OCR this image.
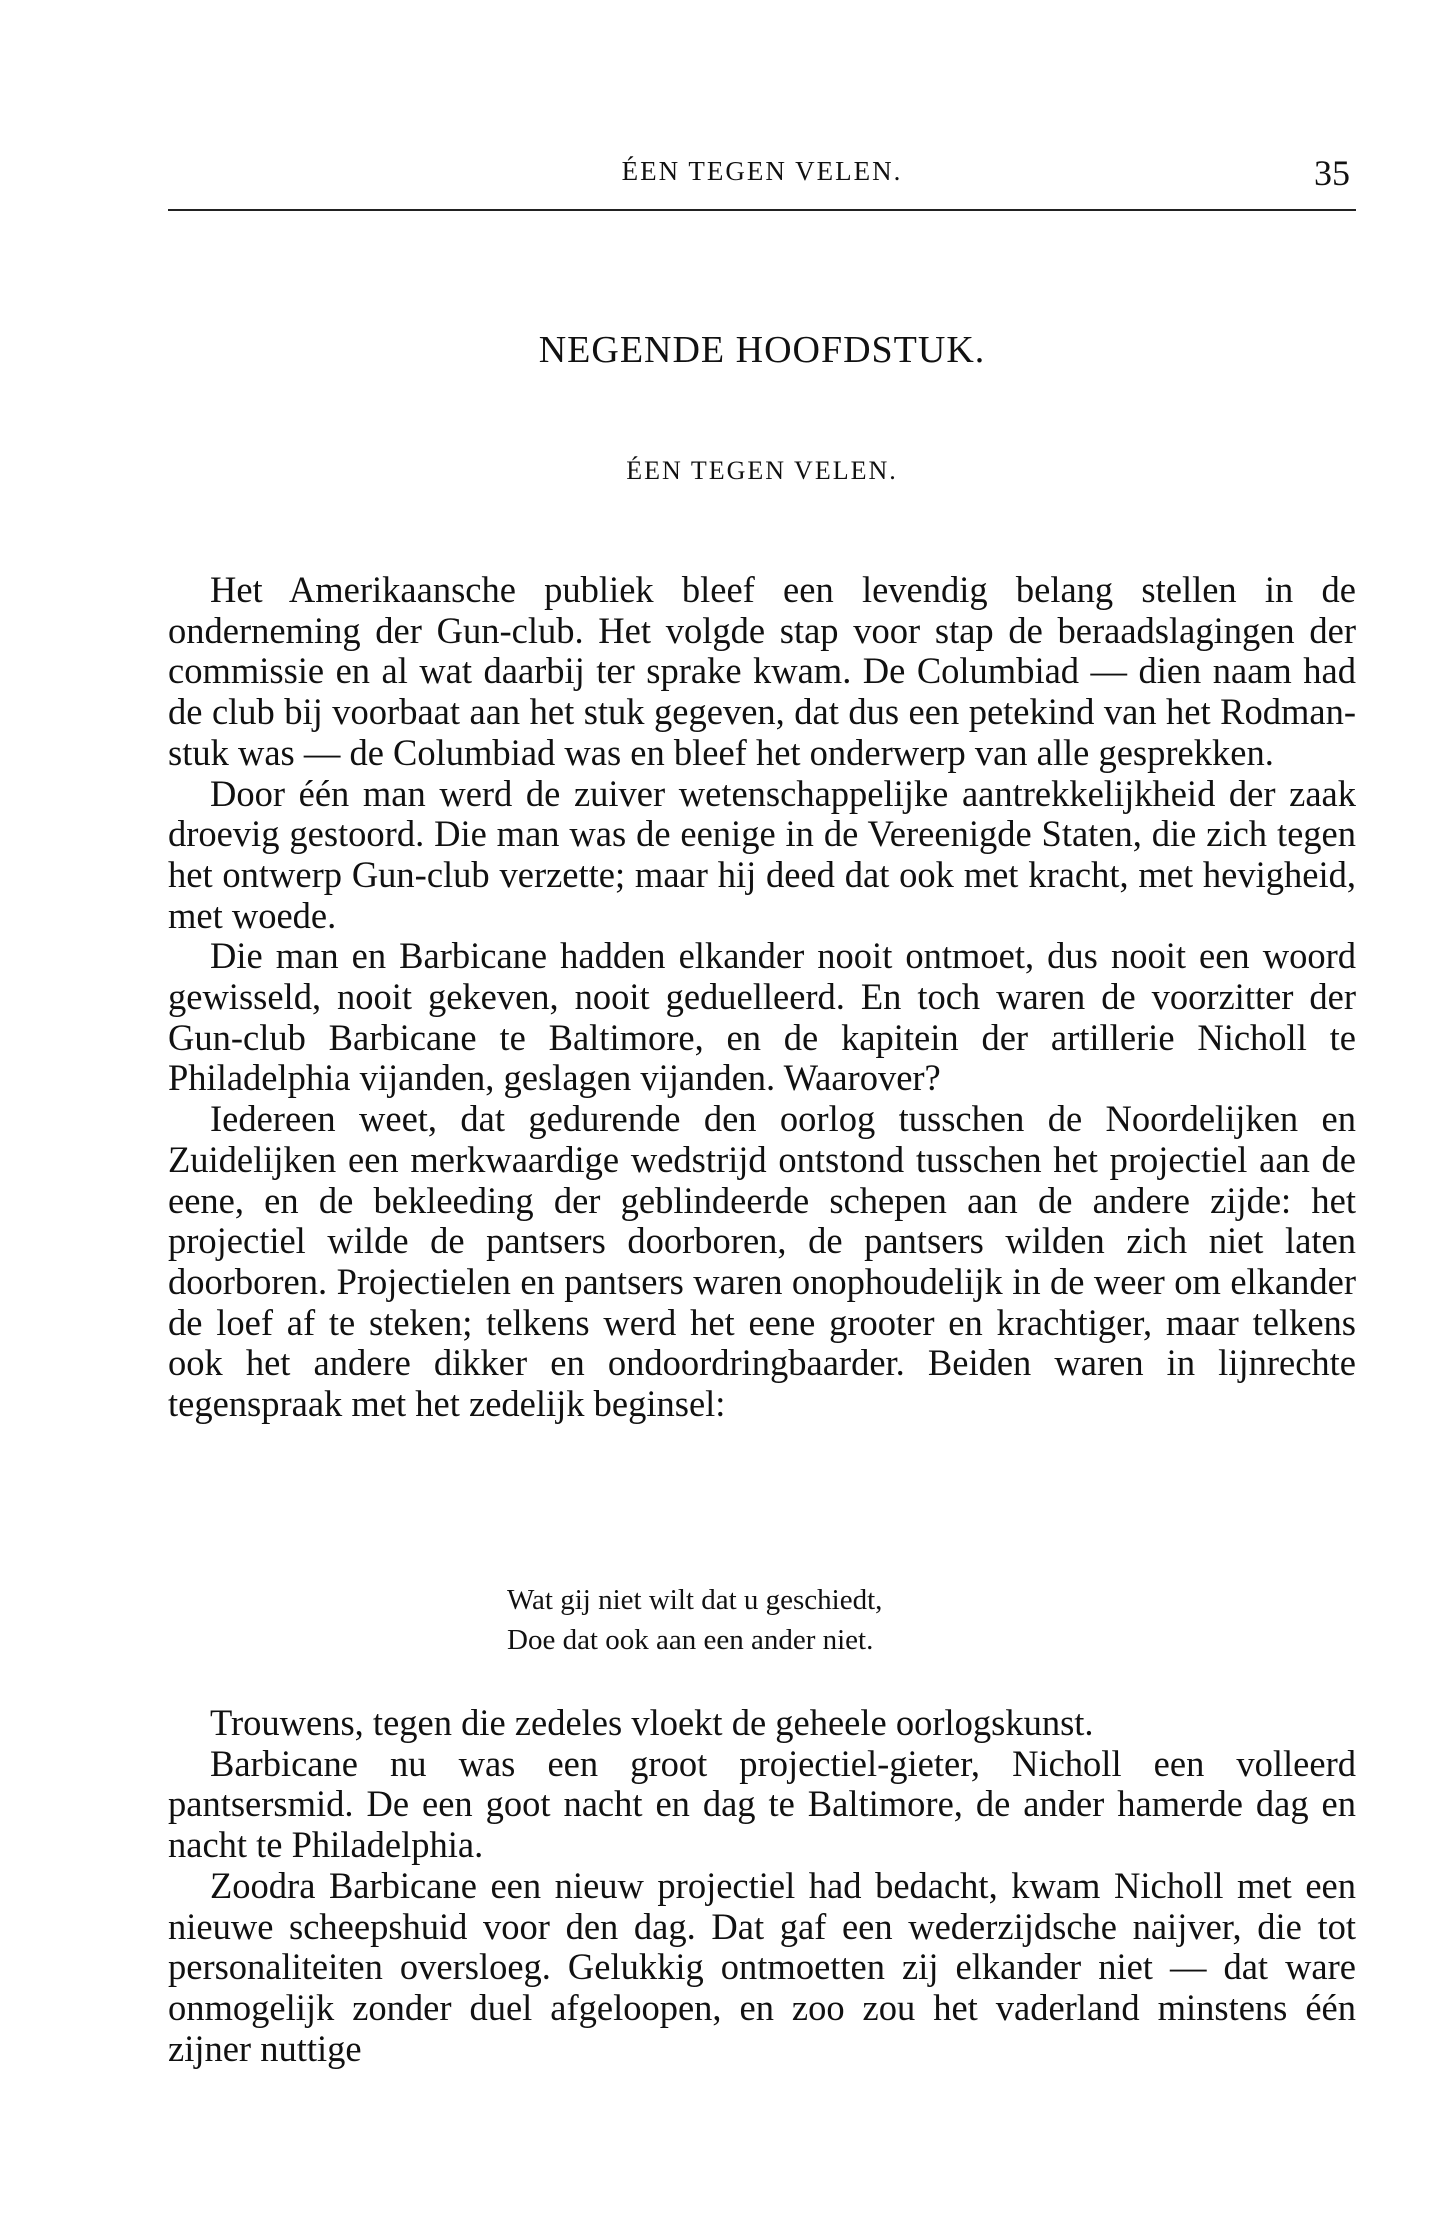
ÉEN TEGEN VELEN.	35
NEGENDE HOOFDSTUK.
ÉEN TEGEN VELEN.

Het Amerikaansche publiek bleef een levendig belang stellen in de onderneming der Gun-club. Het volgde stap voor stap de beraadslagingen der commissie en al wat daarbij ter sprake kwam. De Columbiad — dien naam had de club bij voorbaat aan het stuk gegeven, dat dus een petekind van het Rodman-stuk was — de Columbiad was en bleef het onderwerp van alle gesprekken.

Door één man werd de zuiver wetenschappelijke aantrekkelijkheid der zaak droevig gestoord. Die man was de eenige in de Vereenigde Staten, die zich tegen het ontwerp Gun-club verzette; maar hij deed dat ook met kracht, met hevigheid, met woede.

Die man en Barbicane hadden elkander nooit ontmoet, dus nooit een woord gewisseld, nooit gekeven, nooit geduelleerd. En toch waren de voorzitter der Gun-club Barbicane te Baltimore, en de kapitein der artillerie Nicholl te Philadelphia vijanden, geslagen vijanden. Waarover?

Iedereen weet, dat gedurende den oorlog tusschen de Noordelijken en Zuidelijken een merkwaardige wedstrijd ontstond tusschen het projectiel aan de eene, en de bekleeding der geblindeerde schepen aan de andere zijde: het projectiel wilde de pantsers doorboren, de pantsers wilden zich niet laten doorboren. Projectielen en pantsers waren onophoudelijk in de weer om elkander de loef af te steken; telkens werd het eene grooter en krachtiger, maar telkens ook het andere dikker en ondoordringbaarder. Beiden waren in lijnrechte tegenspraak met het zedelijk beginsel:

Wat gij niet wilt dat u geschiedt,
Doe dat ook aan een ander niet.

Trouwens, tegen die zedeles vloekt de geheele oorlogskunst.

Barbicane nu was een groot projectiel-gieter, Nicholl een volleerd pantsersmid. De een goot nacht en dag te Baltimore, de ander hamerde dag en nacht te Philadelphia.

Zoodra Barbicane een nieuw projectiel had bedacht, kwam Nicholl met een nieuwe scheepshuid voor den dag. Dat gaf een wederzijdsche naijver, die tot personaliteiten oversloeg. Gelukkig ontmoetten zij elkander niet — dat ware onmogelijk zonder duel afgeloopen, en zoo zou het vaderland minstens één zijner nuttige
